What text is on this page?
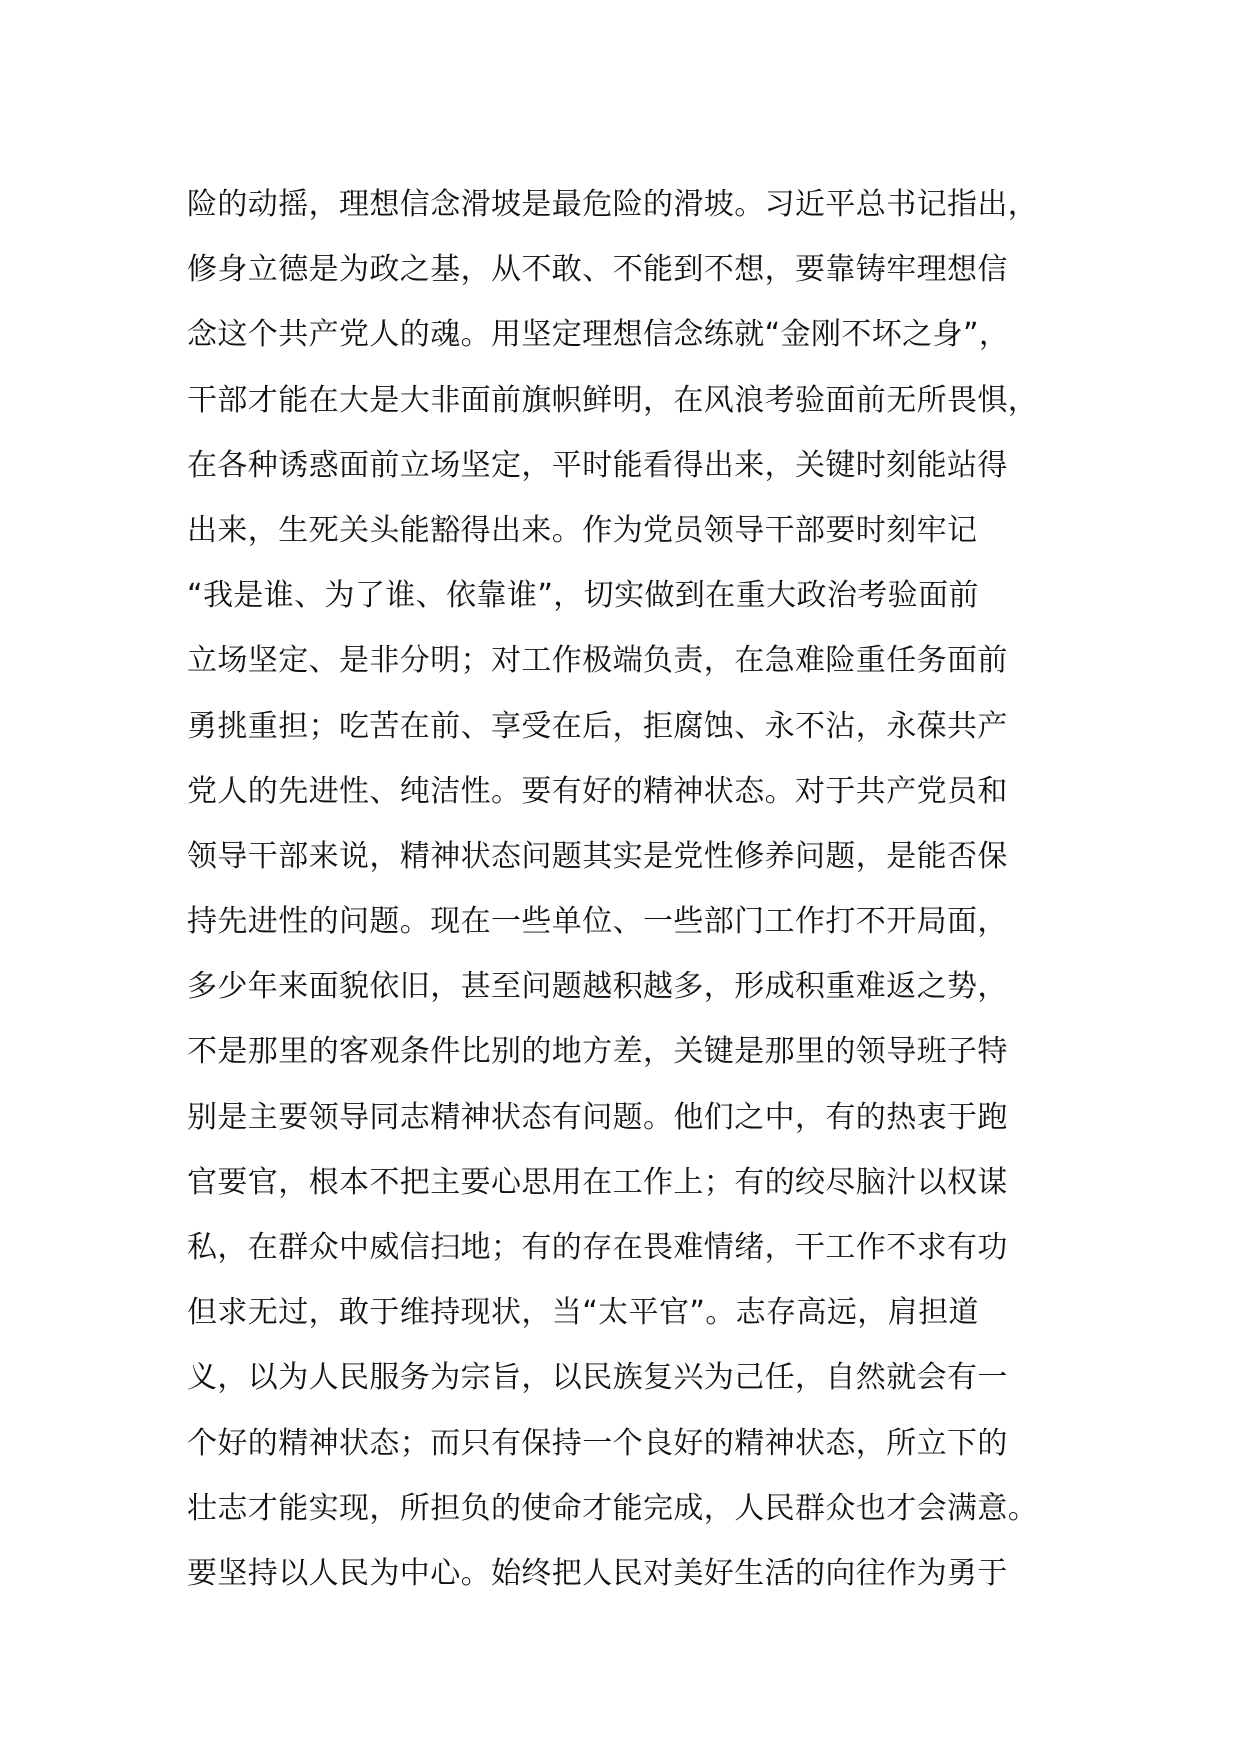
险的动摇，理想信念滑坡是最危险的滑坡。习近平总书记指出，
修身立德是为政之基，从不敢、不能到不想，要靠铸牢理想信
念这个共产党人的魂。用坚定理想信念练就“金刚不坏之身”，
干部才能在大是大非面前旗帜鲜明，在风浪考验面前无所畏惧，
在各种诱惑面前立场坚定，平时能看得出来，关键时刻能站得
出来，生死关头能豁得出来。作为党员领导干部要时刻牢记
“我是谁、为了谁、依靠谁”，切实做到在重大政治考验面前
立场坚定、是非分明；对工作极端负责，在急难险重任务面前
勇挑重担；吃苦在前、享受在后，拒腐蚀、永不沾，永葆共产
党人的先进性、纯洁性。要有好的精神状态。对于共产党员和
领导干部来说，精神状态问题其实是党性修养问题，是能否保
持先进性的问题。现在一些单位、一些部门工作打不开局面，
多少年来面貌依旧，甚至问题越积越多，形成积重难返之势，
不是那里的客观条件比别的地方差，关键是那里的领导班子特
别是主要领导同志精神状态有问题。他们之中，有的热衷于跑
官要官，根本不把主要心思用在工作上；有的绞尽脑汁以权谋
私，在群众中威信扫地；有的存在畏难情绪，干工作不求有功
但求无过，敢于维持现状，当“太平官”。志存高远，肩担道
义，以为人民服务为宗旨，以民族复兴为己任，自然就会有一
个好的精神状态；而只有保持一个良好的精神状态，所立下的
壮志才能实现，所担负的使命才能完成，人民群众也才会满意。
要坚持以人民为中心。始终把人民对美好生活的向往作为勇于
